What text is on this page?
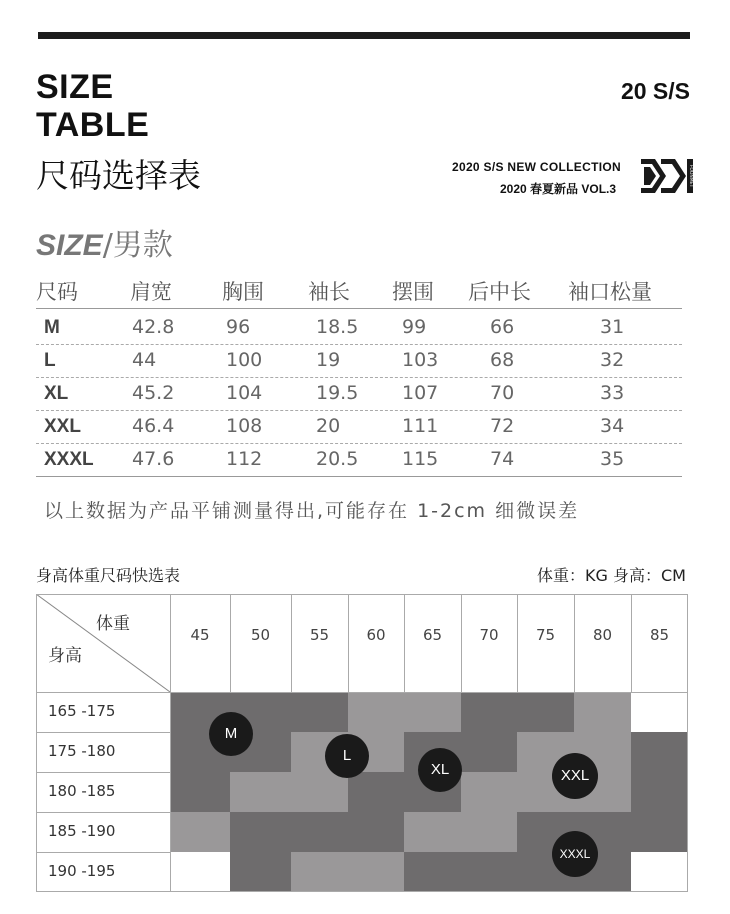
SIZE
TABLE
尺码选择表
20 S/S
2020 S/S NEW COLLECTION
2020 春夏新品 VOL.3
FOONMET
SIZE/男款
尺码 肩宽 胸围 袖长 摆围 后中长 袖口松量
M	42.8	96	18.5 99	66	31
L	44	100	19	103	68	32
XL	45.2	104	19.5 107	70	33
XXL	46.4	108	20	111	72	34
XXXL 47.6	112	20.5 115	74	35
以上数据为产品平铺测量得出,可能存在 1-2cm 细微误差
身高体重尺码快选表	体重：KG 身高：CM
体重
身高
45	50	55	60	65	70	75	80	85
165 -175
175 -180
180 -185
185 -190
190 -195
M
L
XL	XXL
XXXL
